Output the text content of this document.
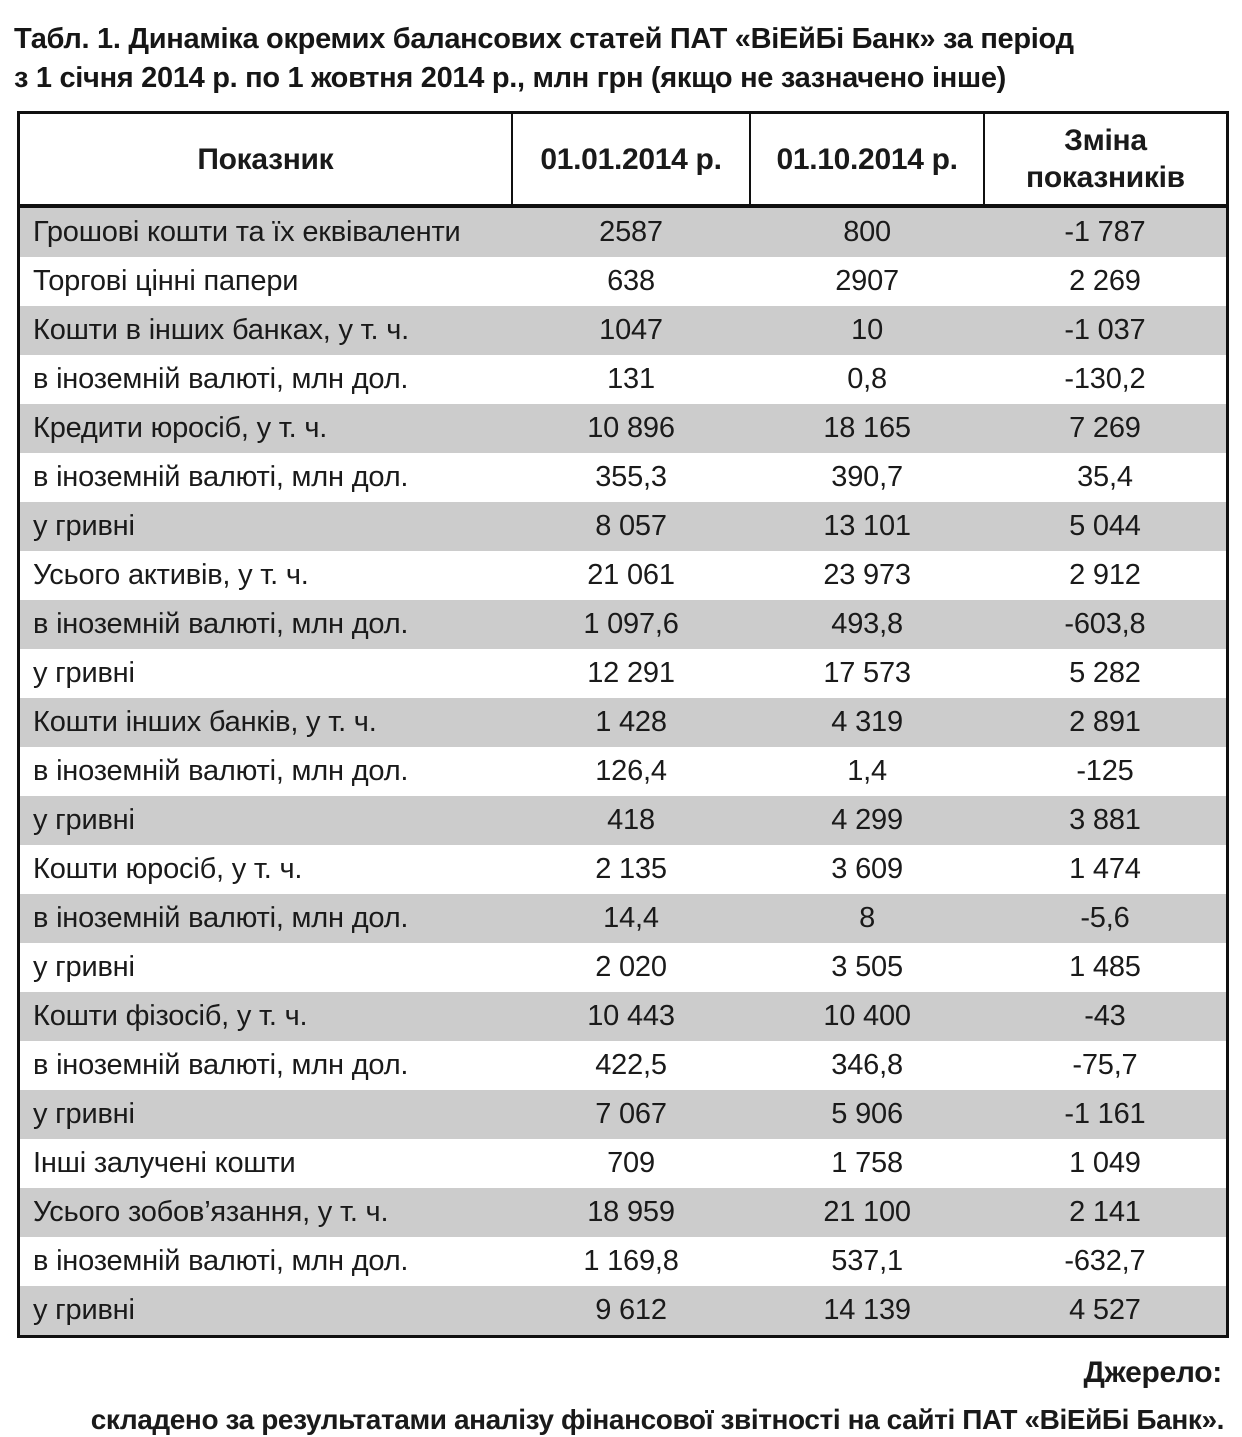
Табл. 1. Динаміка окремих балансових статей ПАТ «ВіЕйБі Банк» за період
з 1 січня 2014 р. по 1 жовтня 2014 р., млн грн (якщо не зазначено інше)
Показник	01.01.2014 р.	01.10.2014 р.	Зміна показників
Грошові кошти та їх еквіваленти	2587	800	-1 787
Торгові цінні папери	638	2907	2 269
Кошти в інших банках, у т. ч.	1047	10	-1 037
в іноземній валюті, млн дол.	131	0,8	-130,2
Кредити юросіб, у т. ч.	10 896	18 165	7 269
в іноземній валюті, млн дол.	355,3	390,7	35,4
у гривні	8 057	13 101	5 044
Усього активів, у т. ч.	21 061	23 973	2 912
в іноземній валюті, млн дол.	1 097,6	493,8	-603,8
у гривні	12 291	17 573	5 282
Кошти інших банків, у т. ч.	1 428	4 319	2 891
в іноземній валюті, млн дол.	126,4	1,4	-125
у гривні	418	4 299	3 881
Кошти юросіб, у т. ч.	2 135	3 609	1 474
в іноземній валюті, млн дол.	14,4	8	-5,6
у гривні	2 020	3 505	1 485
Кошти фізосіб, у т. ч.	10 443	10 400	-43
в іноземній валюті, млн дол.	422,5	346,8	-75,7
у гривні	7 067	5 906	-1 161
Інші залучені кошти	709	1 758	1 049
Усього зобов’язання, у т. ч.	18 959	21 100	2 141
в іноземній валюті, млн дол.	1 169,8	537,1	-632,7
у гривні	9 612	14 139	4 527
Джерело:
складено за результатами аналізу фінансової звітності на сайті ПАТ «ВіЕйБі Банк».
